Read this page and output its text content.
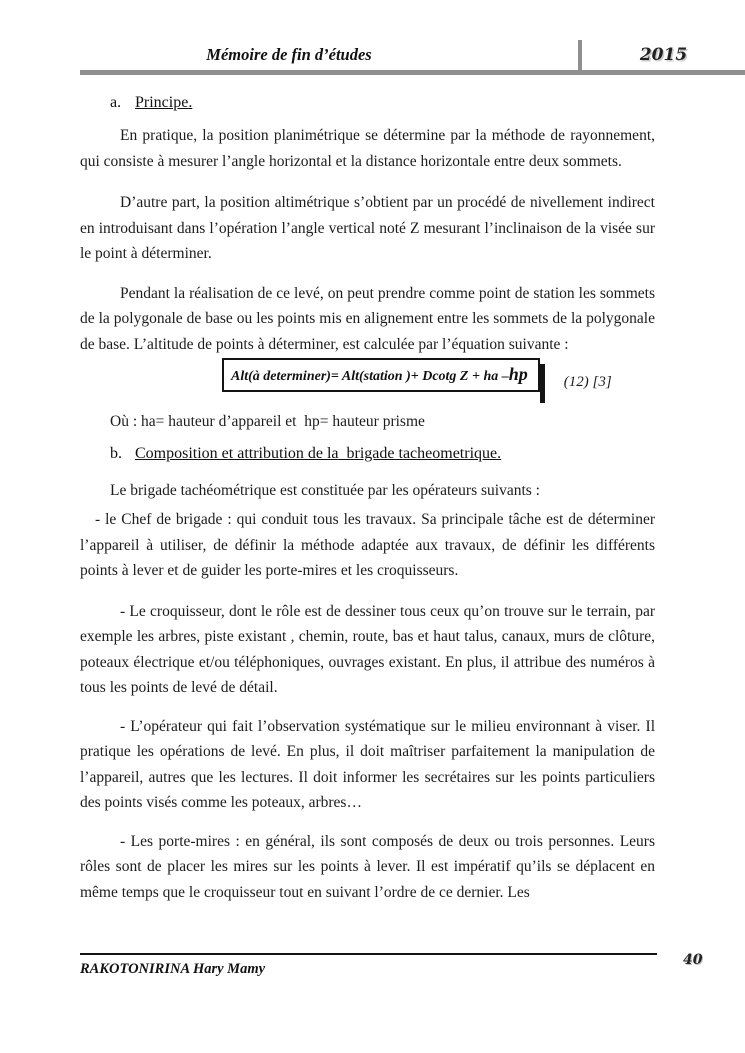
Mémoire de fin d’études	2015
a. Principe.

En pratique, la position planimétrique se détermine par la méthode de rayonnement, qui consiste à mesurer l’angle horizontal et la distance horizontale entre deux sommets.

D’autre part, la position altimétrique s’obtient par un procédé de nivellement indirect en introduisant dans l’opération l’angle vertical noté Z mesurant l’inclinaison de la visée sur le point à déterminer.

Pendant la réalisation de ce levé, on peut prendre comme point de station les sommets de la polygonale de base ou les points mis en alignement entre les sommets de la polygonale de base. L’altitude de points à déterminer, est calculée par l’équation suivante :

Alt(à determiner)= Alt(station )+ Dcotg Z + ha –hp	(12) [3]

Où : ha= hauteur d’appareil et  hp= hauteur prisme

b. Composition et attribution de la  brigade tacheometrique.

Le brigade tachéométrique est constituée par les opérateurs suivants :

- le Chef de brigade : qui conduit tous les travaux. Sa principale tâche est de déterminer l’appareil à utiliser, de définir la méthode adaptée aux travaux, de définir les différents points à lever et de guider les porte-mires et les croquisseurs.

- Le croquisseur, dont le rôle est de dessiner tous ceux qu’on trouve sur le terrain, par exemple les arbres, piste existant , chemin, route, bas et haut talus, canaux, murs de clôture, poteaux électrique et/ou téléphoniques, ouvrages existant. En plus, il attribue des numéros à tous les points de levé de détail.

- L’opérateur qui fait l’observation systématique sur le milieu environnant à viser. Il pratique les opérations de levé. En plus, il doit maîtriser parfaitement la manipulation de l’appareil, autres que les lectures. Il doit informer les secrétaires sur les points particuliers des points visés comme les poteaux, arbres…

- Les porte-mires : en général, ils sont composés de deux ou trois personnes. Leurs rôles sont de placer les mires sur les points à lever. Il est impératif qu’ils se déplacent en même temps que le croquisseur tout en suivant l’ordre de ce dernier. Les

RAKOTONIRINA Hary Mamy
40
